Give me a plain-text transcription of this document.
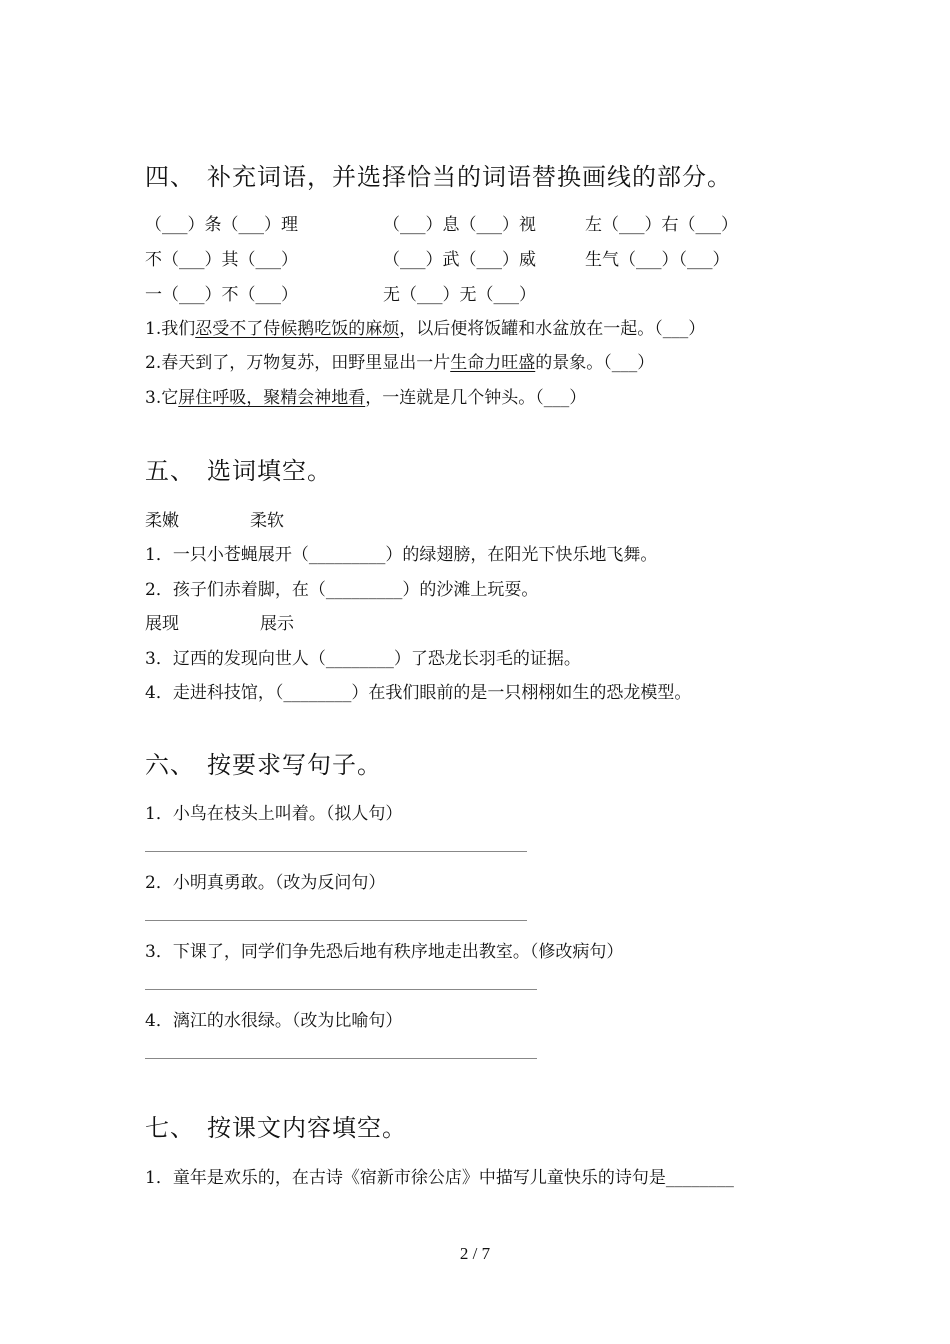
四、 补充词语，并选择恰当的词语替换画线的部分。
（___）条（___）理	（___）息（___）视	左（___）右（___）
不（___）其（___）	（___）武（___）威	生气（___）（___）
一（___）不（___）	无（___）无（___）
1.我们忍受不了侍候鹅吃饭的麻烦，以后便将饭罐和水盆放在一起。（___）
2.春天到了，万物复苏，田野里显出一片生命力旺盛的景象。（___）
3.它屏住呼吸，聚精会神地看，一连就是几个钟头。（___）
五、 选词填空。
柔嫩	柔软
1．一只小苍蝇展开（_________）的绿翅膀，在阳光下快乐地飞舞。
2．孩子们赤着脚，在（_________）的沙滩上玩耍。
展现	展示
3．辽西的发现向世人（________）了恐龙长羽毛的证据。
4．走进科技馆，（________）在我们眼前的是一只栩栩如生的恐龙模型。
六、 按要求写句子。
1．小鸟在枝头上叫着。（拟人句）
2．小明真勇敢。（改为反问句）
3．下课了，同学们争先恐后地有秩序地走出教室。（修改病句）
4．漓江的水很绿。（改为比喻句）
七、 按课文内容填空。
1．童年是欢乐的，在古诗《宿新市徐公店》中描写儿童快乐的诗句是________
2 / 7
